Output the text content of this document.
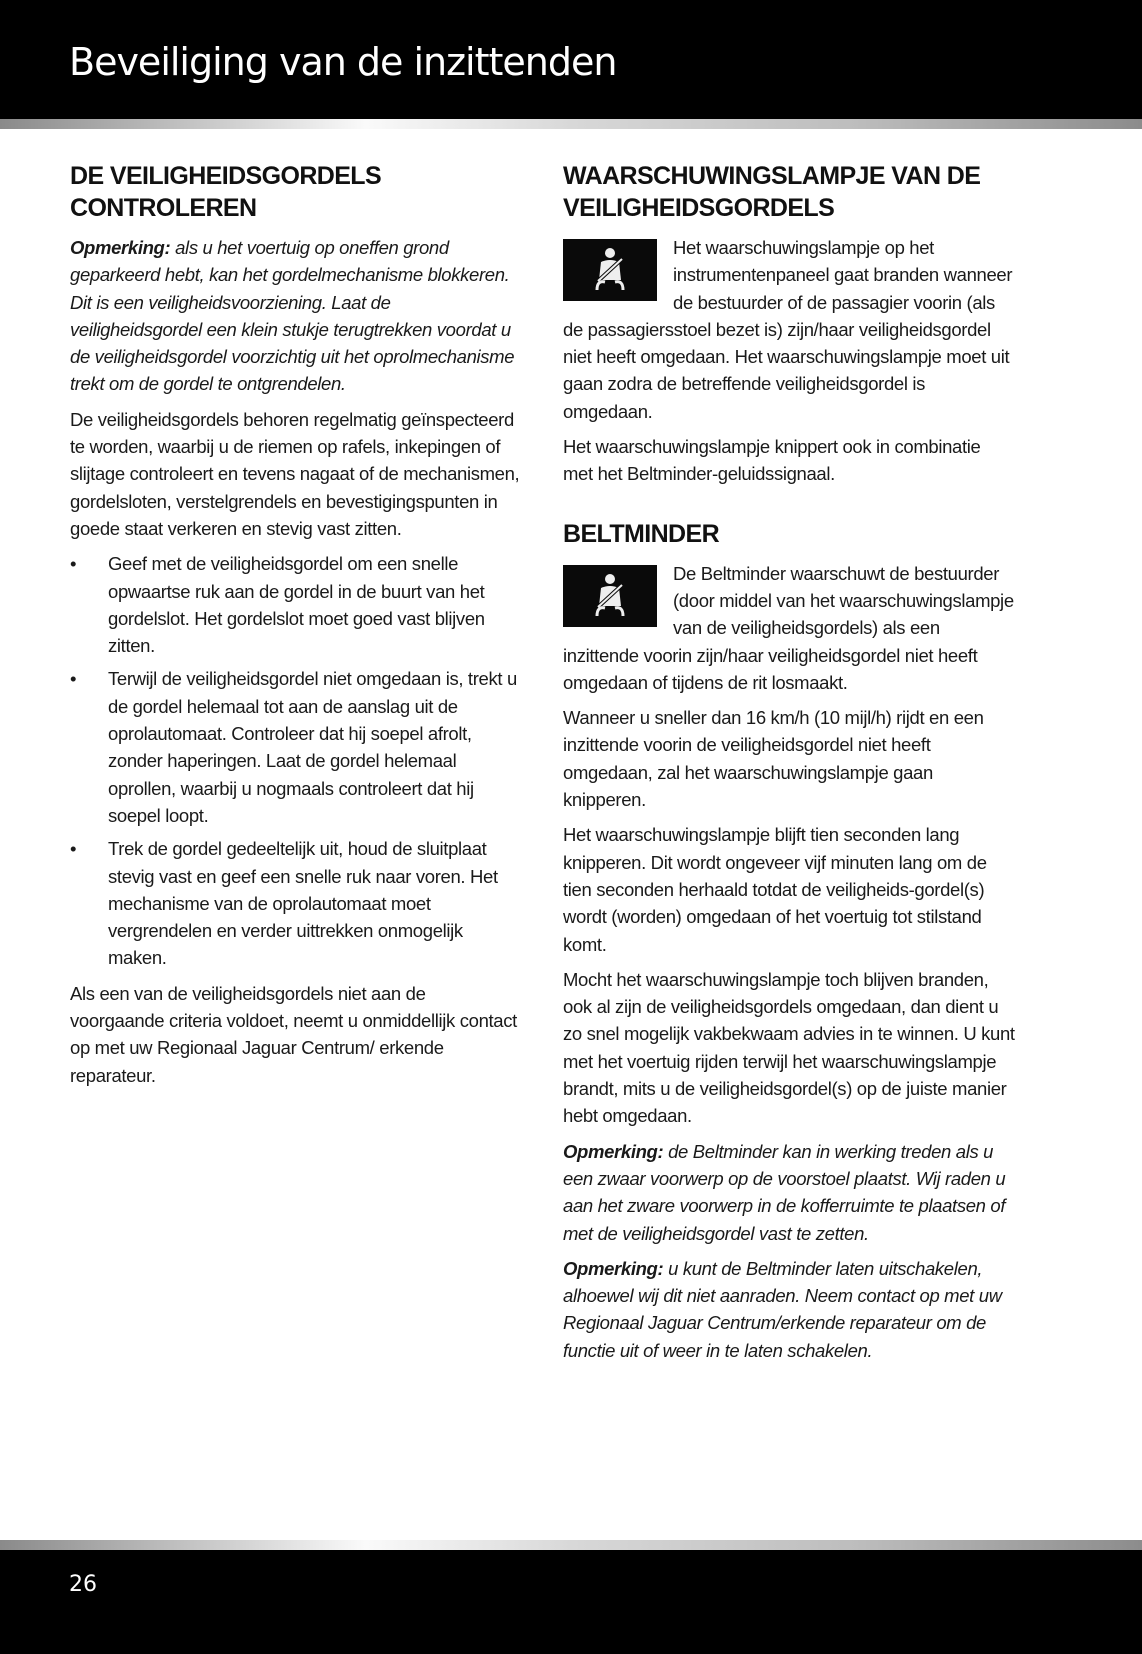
Beveiliging van de inzittenden
DE VEILIGHEIDSGORDELS CONTROLEREN

Opmerking: als u het voertuig op oneffen grond geparkeerd hebt, kan het gordelmechanisme blokkeren. Dit is een veiligheidsvoorziening. Laat de veiligheidsgordel een klein stukje terugtrekken voordat u de veiligheidsgordel voorzichtig uit het oprolmechanisme trekt om de gordel te ontgrendelen.

De veiligheidsgordels behoren regelmatig geïnspecteerd te worden, waarbij u de riemen op rafels, inkepingen of slijtage controleert en tevens nagaat of de mechanismen, gordelsloten, verstelgrendels en bevestigingspunten in goede staat verkeren en stevig vast zitten.

• Geef met de veiligheidsgordel om een snelle opwaartse ruk aan de gordel in de buurt van het gordelslot. Het gordelslot moet goed vast blijven zitten.
• Terwijl de veiligheidsgordel niet omgedaan is, trekt u de gordel helemaal tot aan de aanslag uit de oprolautomaat. Controleer dat hij soepel afrolt, zonder haperingen. Laat de gordel helemaal oprollen, waarbij u nogmaals controleert dat hij soepel loopt.
• Trek de gordel gedeeltelijk uit, houd de sluitplaat stevig vast en geef een snelle ruk naar voren. Het mechanisme van de oprolautomaat moet vergrendelen en verder uittrekken onmogelijk maken.

Als een van de veiligheidsgordels niet aan de voorgaande criteria voldoet, neemt u onmiddellijk contact op met uw Regionaal Jaguar Centrum/ erkende reparateur.

WAARSCHUWINGSLAMPJE VAN DE VEILIGHEIDSGORDELS

Het waarschuwingslampje op het instrumentenpaneel gaat branden wanneer de bestuurder of de passagier voorin (als de passagiersstoel bezet is) zijn/haar veiligheidsgordel niet heeft omgedaan. Het waarschuwingslampje moet uit gaan zodra de betreffende veiligheidsgordel is omgedaan.

Het waarschuwingslampje knippert ook in combinatie met het Beltminder-geluidssignaal.

BELTMINDER

De Beltminder waarschuwt de bestuurder (door middel van het waarschuwingslampje van de veiligheidsgordels) als een inzittende voorin zijn/haar veiligheidsgordel niet heeft omgedaan of tijdens de rit losmaakt.

Wanneer u sneller dan 16 km/h (10 mijl/h) rijdt en een inzittende voorin de veiligheidsgordel niet heeft omgedaan, zal het waarschuwingslampje gaan knipperen.

Het waarschuwingslampje blijft tien seconden lang knipperen. Dit wordt ongeveer vijf minuten lang om de tien seconden herhaald totdat de veiligheids-gordel(s) wordt (worden) omgedaan of het voertuig tot stilstand komt.

Mocht het waarschuwingslampje toch blijven branden, ook al zijn de veiligheidsgordels omgedaan, dan dient u zo snel mogelijk vakbekwaam advies in te winnen. U kunt met het voertuig rijden terwijl het waarschuwingslampje brandt, mits u de veiligheidsgordel(s) op de juiste manier hebt omgedaan.

Opmerking: de Beltminder kan in werking treden als u een zwaar voorwerp op de voorstoel plaatst. Wij raden u aan het zware voorwerp in de kofferruimte te plaatsen of met de veiligheidsgordel vast te zetten.

Opmerking: u kunt de Beltminder laten uitschakelen, alhoewel wij dit niet aanraden. Neem contact op met uw Regionaal Jaguar Centrum/erkende reparateur om de functie uit of weer in te laten schakelen.

26
